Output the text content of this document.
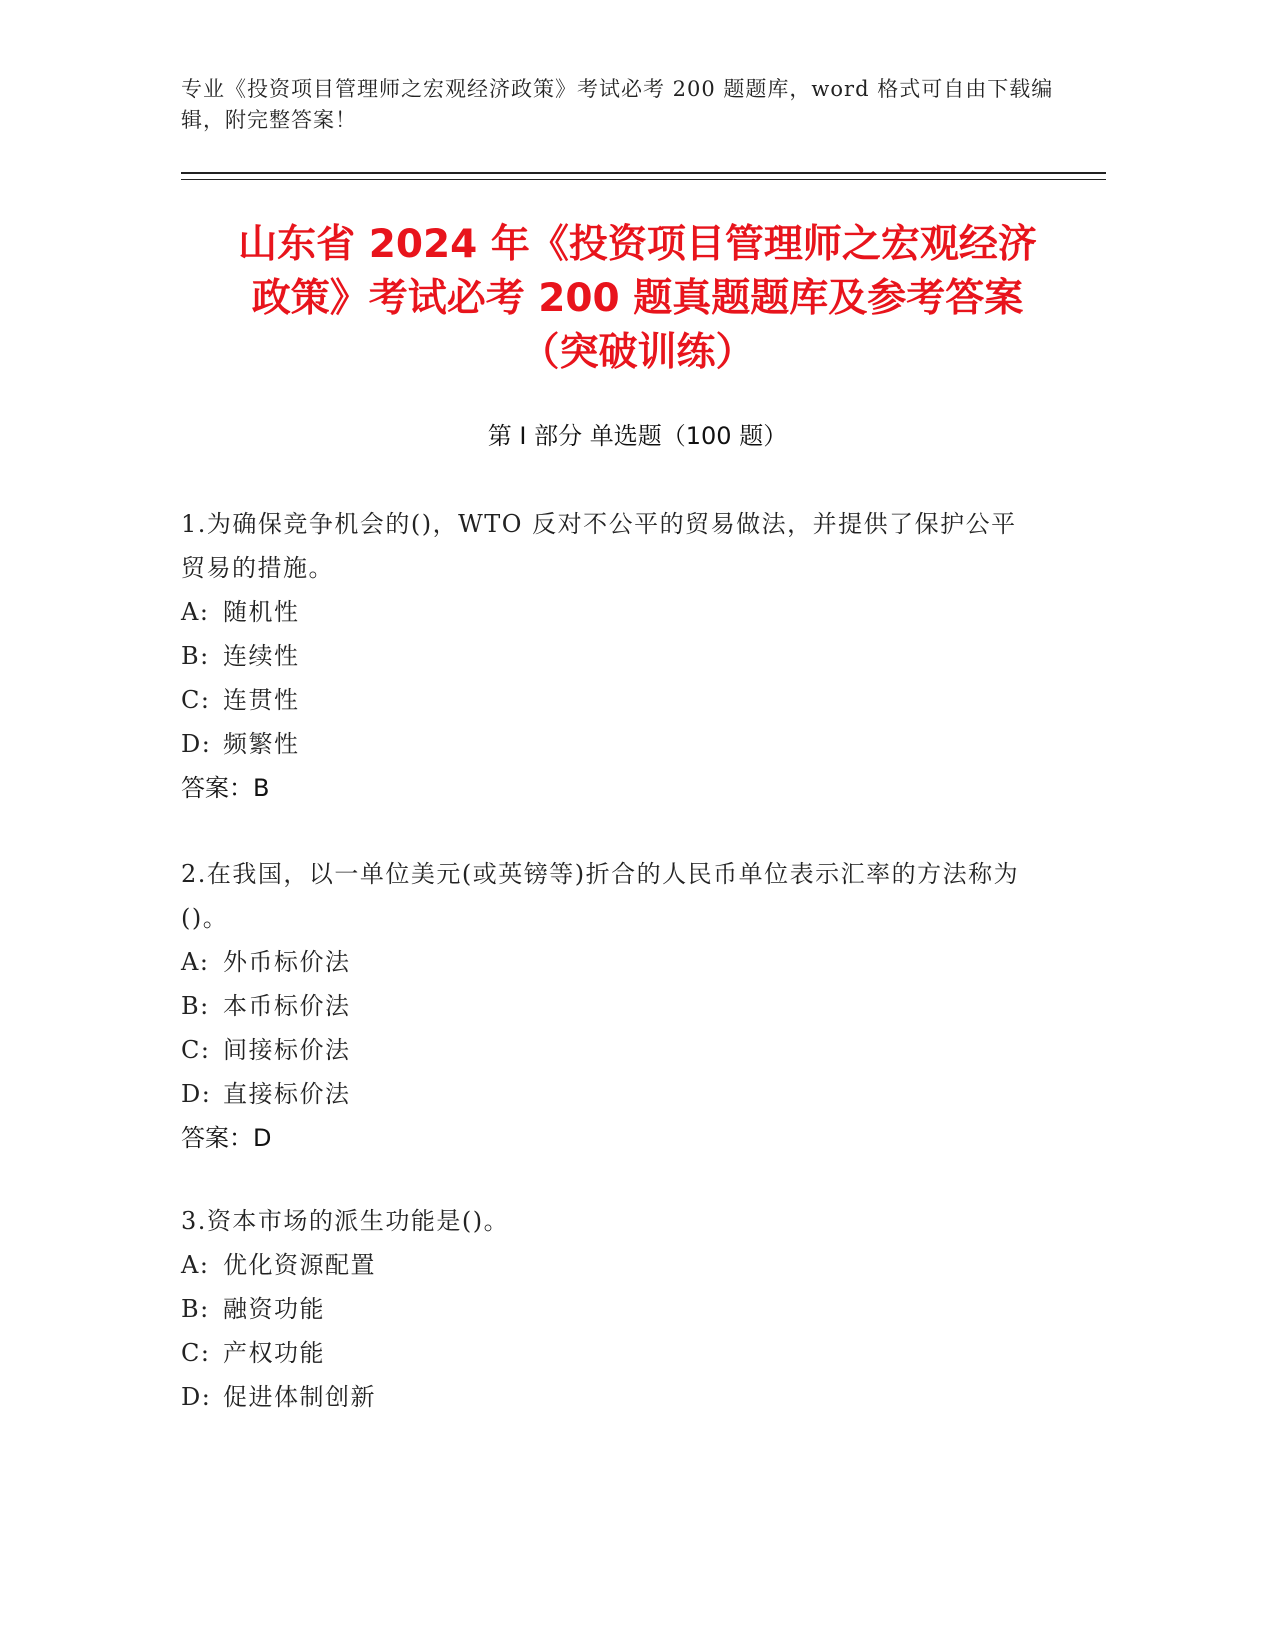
专业《投资项目管理师之宏观经济政策》考试必考 200 题题库，word 格式可自由下载编辑，附完整答案！
山东省 2024 年《投资项目管理师之宏观经济
政策》考试必考 200 题真题题库及参考答案
（突破训练）
第 I 部分 单选题（100 题）
1.为确保竞争机会的()，WTO 反对不公平的贸易做法，并提供了保护公平贸易的措施。
A: 随机性
B: 连续性
C: 连贯性
D: 频繁性
答案：B
2.在我国，以一单位美元(或英镑等)折合的人民币单位表示汇率的方法称为()。
A: 外币标价法
B: 本币标价法
C: 间接标价法
D: 直接标价法
答案：D
3.资本市场的派生功能是()。
A: 优化资源配置
B: 融资功能
C: 产权功能
D: 促进体制创新
